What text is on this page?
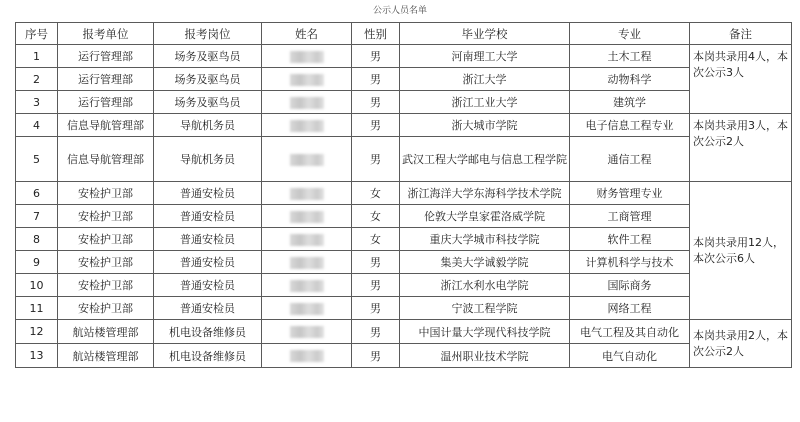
公示人员名单
序号	报考单位	报考岗位	姓名	性别	毕业学校	专业	备注
1	运行管理部	场务及驱鸟员		男	河南理工大学	土木工程	本岗共录用4人，本次公示3人
2	运行管理部	场务及驱鸟员		男	浙江大学	动物科学	
3	运行管理部	场务及驱鸟员		男	浙江工业大学	建筑学	
4	信息导航管理部	导航机务员		男	浙大城市学院	电子信息工程专业	本岗共录用3人，本次公示2人
5	信息导航管理部	导航机务员		男	武汉工程大学邮电与信息工程学院	通信工程	
6	安检护卫部	普通安检员		女	浙江海洋大学东海科学技术学院	财务管理专业	本岗共录用12人，本次公示6人
7	安检护卫部	普通安检员		女	伦敦大学皇家霍洛威学院	工商管理	
8	安检护卫部	普通安检员		女	重庆大学城市科技学院	软件工程	
9	安检护卫部	普通安检员		男	集美大学诚毅学院	计算机科学与技术	
10	安检护卫部	普通安检员		男	浙江水利水电学院	国际商务	
11	安检护卫部	普通安检员		男	宁波工程学院	网络工程	
12	航站楼管理部	机电设备维修员		男	中国计量大学现代科技学院	电气工程及其自动化	本岗共录用2人，本次公示2人
13	航站楼管理部	机电设备维修员		男	温州职业技术学院	电气自动化	
